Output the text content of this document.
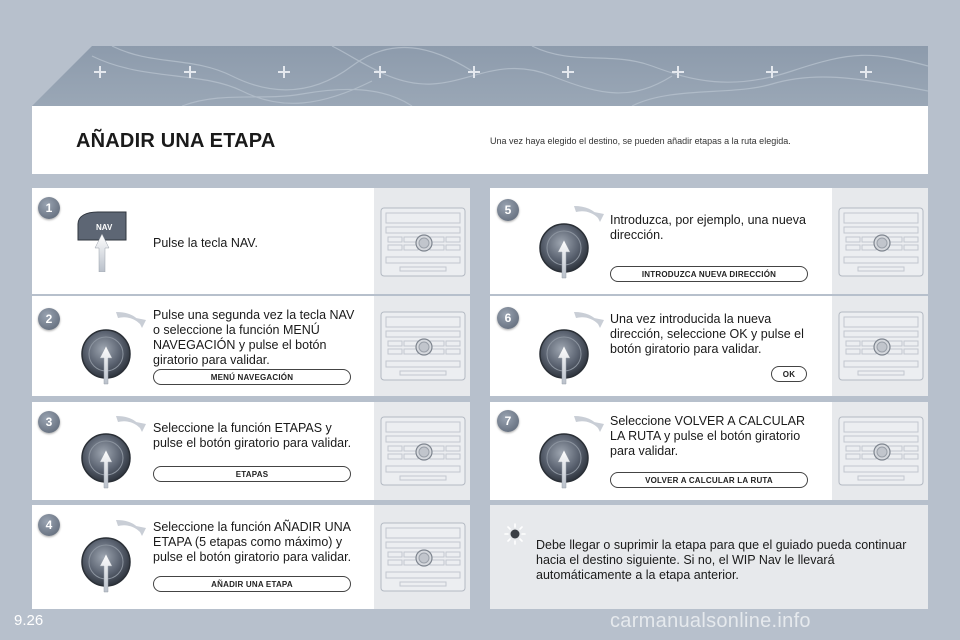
AÑADIR UNA ETAPA	Una vez haya elegido el destino, se pueden añadir etapas a la ruta elegida.
1
NAV
Pulse la tecla NAV.
2	Pulse una segunda vez la tecla NAV o seleccione la función MENÚ NAVEGACIÓN y pulse el botón giratorio para validar.
MENÚ NAVEGACIÓN
3	Seleccione la función ETAPAS y pulse el botón giratorio para validar.
ETAPAS
4	Seleccione la función AÑADIR UNA ETAPA (5 etapas como máximo) y pulse el botón giratorio para validar.
AÑADIR UNA ETAPA
5
Introduzca, por ejemplo, una nueva dirección.
INTRODUZCA NUEVA DIRECCIÓN
6	Una vez introducida la nueva dirección, seleccione OK y pulse el botón giratorio para validar.
OK
7	Seleccione VOLVER A CALCULAR LA RUTA y pulse el botón giratorio para validar.
VOLVER A CALCULAR LA RUTA
Debe llegar o suprimir la etapa para que el guiado pueda continuar hacia el destino siguiente. Si no, el WIP Nav le llevará automáticamente a la etapa anterior.
9.26	carmanualsonline.info
